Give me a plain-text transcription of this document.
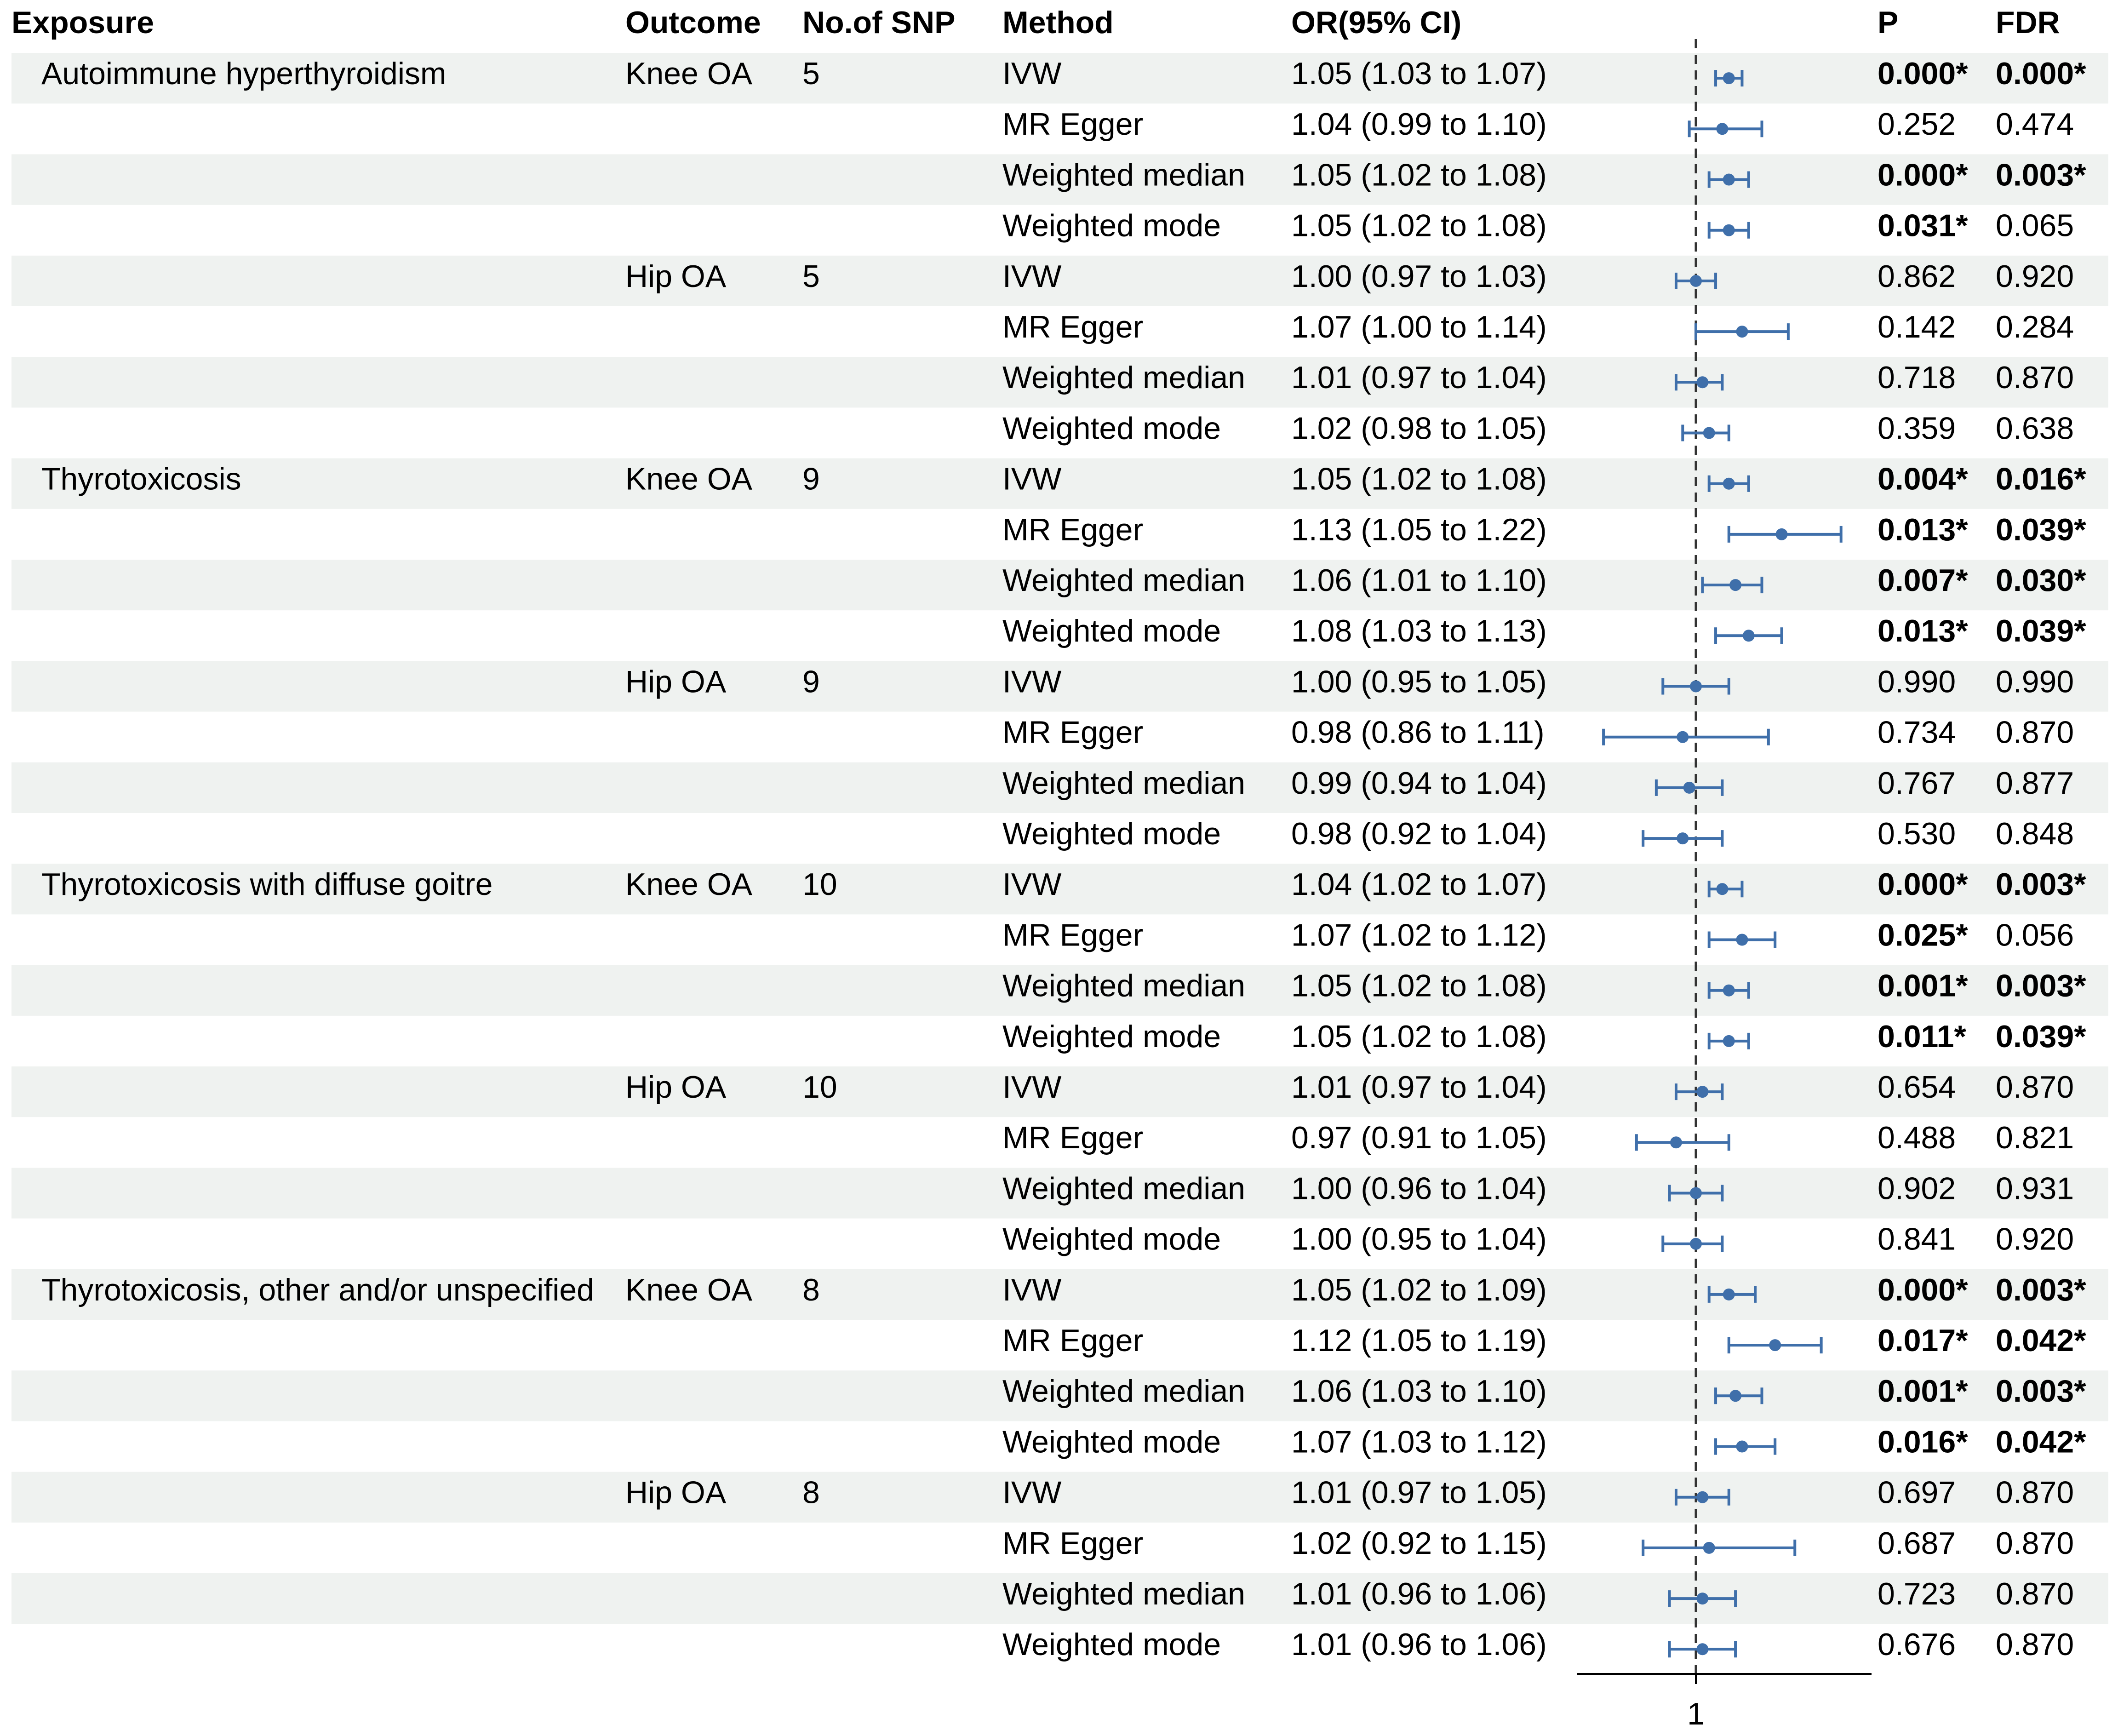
Exposure	Outcome No.of SNP Method	OR(95% CI)	P	FDR
Autoimmune hyperthyroidism	Knee OA 5	IVW	1.05 (1.03 to 1.07)	0.000* 0.000*
MR Egger	1.04 (0.99 to 1.10)	0.252 0.474
Weighted median 1.05 (1.02 to 1.08)	0.000* 0.003*
Weighted mode 1.05 (1.02 to 1.08)	0.031* 0.065
Hip OA 5	IVW	1.00 (0.97 to 1.03)	0.862 0.920
MR Egger	1.07 (1.00 to 1.14)	0.142 0.284
Weighted median 1.01 (0.97 to 1.04)	0.718 0.870
Weighted mode 1.02 (0.98 to 1.05)	0.359 0.638
Thyrotoxicosis	Knee OA 9	IVW	1.05 (1.02 to 1.08)	0.004* 0.016*
MR Egger	1.13 (1.05 to 1.22)	0.013* 0.039*
Weighted median 1.06 (1.01 to 1.10)	0.007* 0.030*
Weighted mode 1.08 (1.03 to 1.13)	0.013* 0.039*
Hip OA 9	IVW	1.00 (0.95 to 1.05)	0.990 0.990
MR Egger	0.98 (0.86 to 1.11)	0.734 0.870
Weighted median 0.99 (0.94 to 1.04)	0.767 0.877
Weighted mode 0.98 (0.92 to 1.04)	0.530 0.848
Thyrotoxicosis with diffuse goitre	Knee OA 10	IVW	1.04 (1.02 to 1.07)	0.000* 0.003*
MR Egger	1.07 (1.02 to 1.12)	0.025* 0.056
Weighted median 1.05 (1.02 to 1.08)	0.001* 0.003*
Weighted mode 1.05 (1.02 to 1.08)	0.011* 0.039*
Hip OA 10	IVW	1.01 (0.97 to 1.04)	0.654 0.870
MR Egger	0.97 (0.91 to 1.05)	0.488 0.821
Weighted median 1.00 (0.96 to 1.04)	0.902 0.931
Weighted mode 1.00 (0.95 to 1.04)	0.841 0.920
Thyrotoxicosis, other and/or unspecified Knee OA 8	IVW	1.05 (1.02 to 1.09)	0.000* 0.003*
MR Egger	1.12 (1.05 to 1.19)	0.017* 0.042*
Weighted median 1.06 (1.03 to 1.10)	0.001* 0.003*
Weighted mode 1.07 (1.03 to 1.12)	0.016* 0.042*
Hip OA 8	IVW	1.01 (0.97 to 1.05)	0.697 0.870
MR Egger	1.02 (0.92 to 1.15)	0.687 0.870
Weighted median 1.01 (0.96 to 1.06)	0.723 0.870
Weighted mode 1.01 (0.96 to 1.06)	0.676 0.870
1
